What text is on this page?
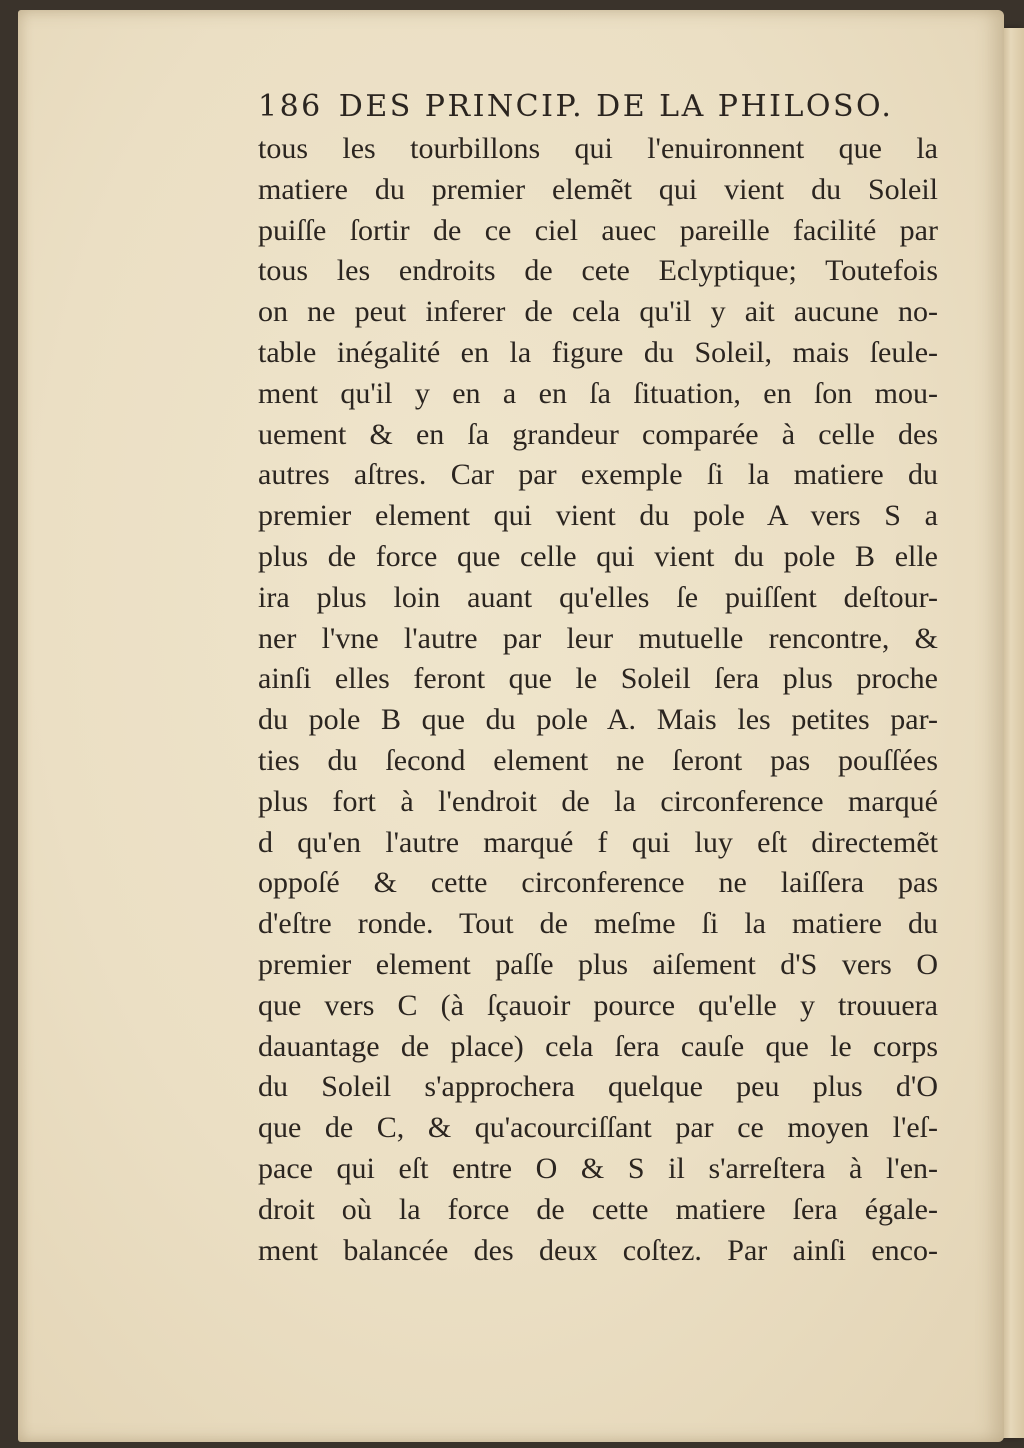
186 DES PRINCIP. DE LA PHILOSO.
tous les tourbillons qui l'enuironnent que la
matiere du premier elemẽt qui vient du Soleil
puiſſe ſortir de ce ciel auec pareille facilité par
tous les endroits de cete Eclyptique; Toutefois
on ne peut inferer de cela qu'il y ait aucune no-
table inégalité en la figure du Soleil, mais ſeule-
ment qu'il y en a en ſa ſituation, en ſon mou-
uement & en ſa grandeur comparée à celle des
autres aſtres. Car par exemple ſi la matiere du
premier element qui vient du pole A vers S a
plus de force que celle qui vient du pole B elle
ira plus loin auant qu'elles ſe puiſſent deſtour-
ner l'vne l'autre par leur mutuelle rencontre, &
ainſi elles feront que le Soleil ſera plus proche
du pole B que du pole A. Mais les petites par-
ties du ſecond element ne ſeront pas pouſſées
plus fort à l'endroit de la circonference marqué
d qu'en l'autre marqué f qui luy eſt directemẽt
oppoſé & cette circonference ne laiſſera pas
d'eſtre ronde. Tout de meſme ſi la matiere du
premier element paſſe plus aiſement d'S vers O
que vers C (à ſçauoir pource qu'elle y trouuera
dauantage de place) cela ſera cauſe que le corps
du Soleil s'approchera quelque peu plus d'O
que de C, & qu'acourciſſant par ce moyen l'eſ-
pace qui eſt entre O & S il s'arreſtera à l'en-
droit où la force de cette matiere ſera égale-
ment balancée des deux coſtez. Par ainſi enco-
